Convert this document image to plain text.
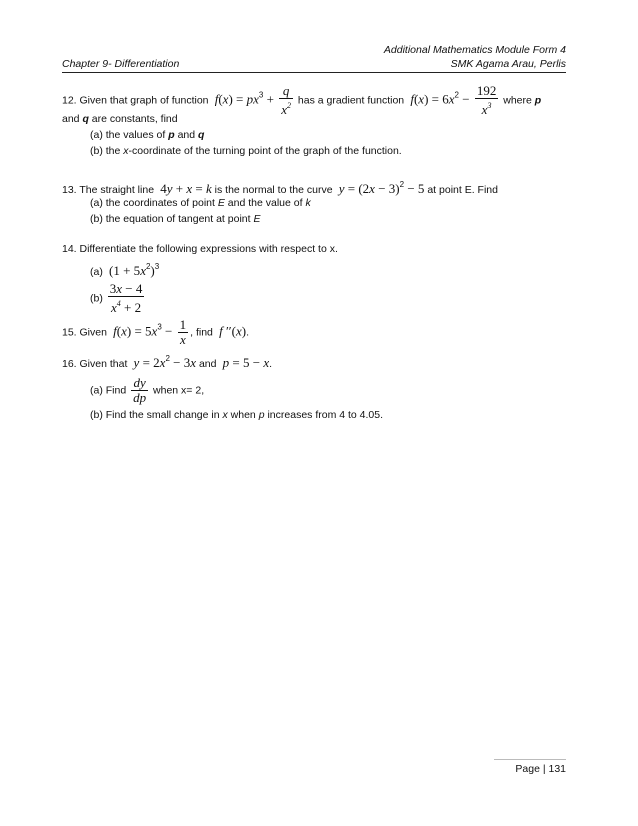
Additional Mathematics Module Form 4
SMK Agama Arau, Perlis
Chapter 9- Differentiation
12. Given that graph of function  $f(x) = px^3 + \frac{q}{x^2}$ has a gradient function  $f(x) = 6x^2 - \frac{192}{x^3}$ where p
and q are constants, find
(a) the values of p and q
(b) the x-coordinate of the turning point of the graph of the function.
13. The straight line  4y + x = k is the normal to the curve  $y = (2x - 3)^2 - 5$ at point E. Find
(a) the coordinates of point E and the value of k
(b) the equation of tangent at point E
14. Differentiate the following expressions with respect to x.
(a)  $(1 + 5x^2)^3$
$(b) \frac{3x - 4}{x^4 + 2}$
15. Given  $f(x) = 5x^3 - \frac{1}{x}$ , find  f ′′(x).
16. Given that  $y = 2x^2 - 3x$ and  p = 5 − x.
(a) Find $\frac{dy}{dp}$ when x= 2,
(b) Find the small change in x when p increases from 4 to 4.05.
Page | 131
